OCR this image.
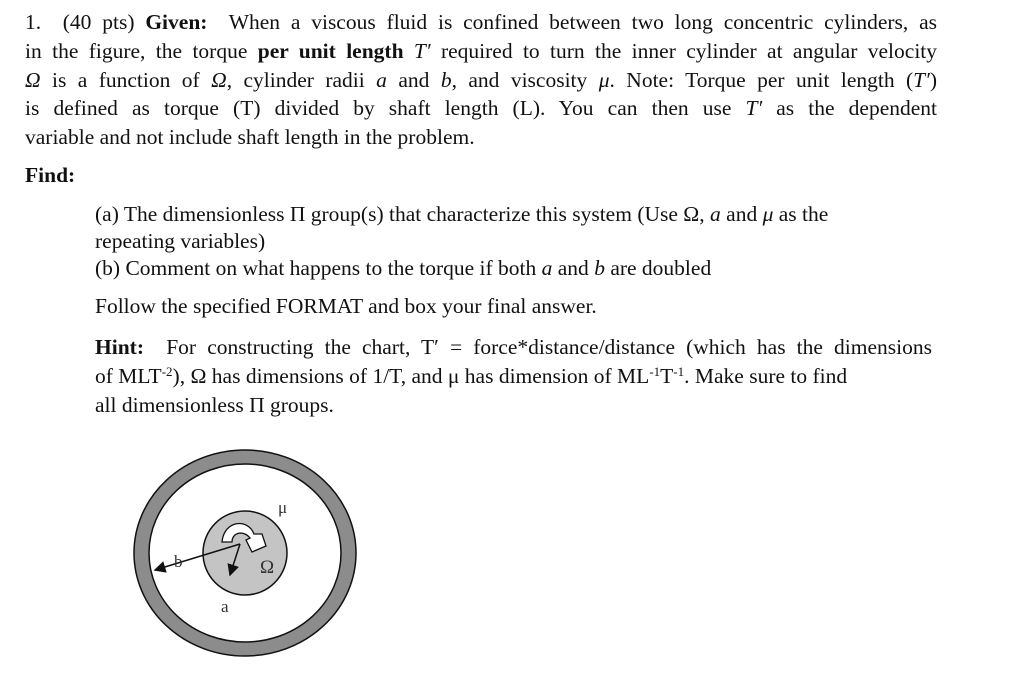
1. (40 pts) Given: When a viscous fluid is confined between two long concentric cylinders, as
in the figure, the torque per unit length T′ required to turn the inner cylinder at angular velocity
Ω is a function of Ω, cylinder radii a and b, and viscosity μ. Note: Torque per unit length (T′)
is defined as torque (T) divided by shaft length (L). You can then use T′ as the dependent
variable and not include shaft length in the problem.
Find:
(a) The dimensionless Π group(s) that characterize this system (Use Ω, a and μ as the
repeating variables)
(b) Comment on what happens to the torque if both a and b are doubled
Follow the specified FORMAT and box your final answer.
Hint: For constructing the chart, T′ = force*distance/distance (which has the dimensions
of $MLT^{-2}$), Ω has dimensions of 1/T, and μ has dimension of $ML^{-1}T^{-1}$. Make sure to find
all dimensionless Π groups.
μ
b	Ω
a
